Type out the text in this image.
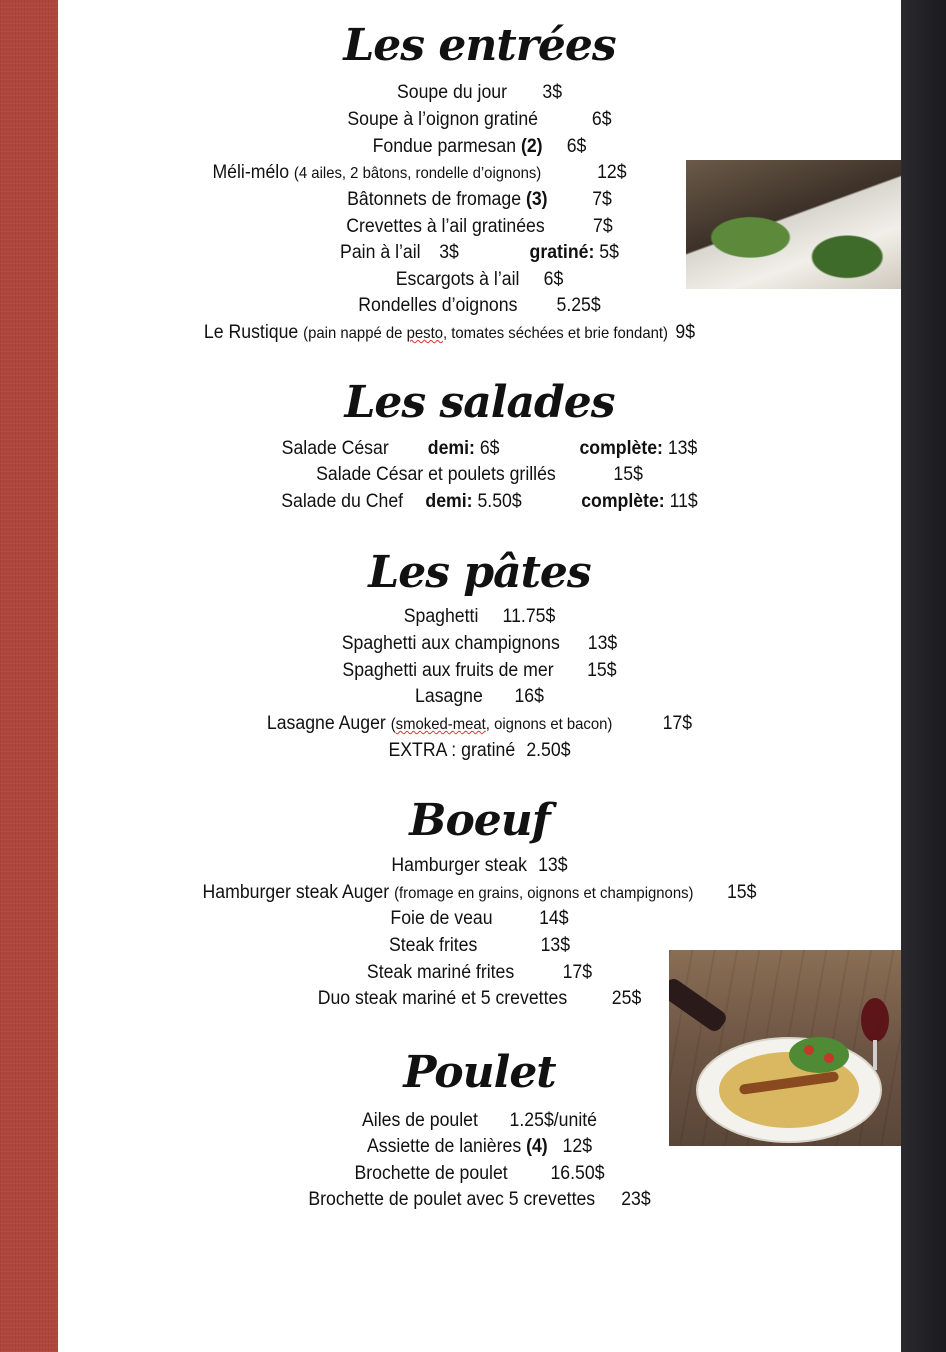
Les entrées
Soupe du jour 3$
Soupe à l’oignon gratiné	6$
Fondue parmesan (2) 6$
Méli-mélo (4 ailes, 2 bâtons, rondelle d’oignons)	12$
Bâtonnets de fromage (3) 7$
Crevettes à l’ail gratinées	7$
Pain à l’ail 3$	gratiné: 5$
Escargots à l’ail 6$
Rondelles d’oignons 5.25$
Le Rustique (pain nappé de pesto, tomates séchées et brie fondant) 9$
Les salades
Salade César demi: 6$	complète: 13$
Salade César et poulets grillés	15$
Salade du Chef demi: 5.50$	complète: 11$
Les pâtes
Spaghetti 11.75$
Spaghetti aux champignons 13$
Spaghetti aux fruits de mer 15$
Lasagne 16$
Lasagne Auger (smoked-meat, oignons et bacon)	17$
EXTRA : gratiné 2.50$
Boeuf
Hamburger steak 13$
Hamburger steak Auger (fromage en grains, oignons et champignons) 15$
Foie de veau 14$
Steak frites	13$
Steak mariné frites	17$
Duo steak mariné et 5 crevettes 25$
Poulet
Ailes de poulet 1.25$/unité
Assiette de lanières (4) 12$
Brochette de poulet 16.50$
Brochette de poulet avec 5 crevettes 23$
